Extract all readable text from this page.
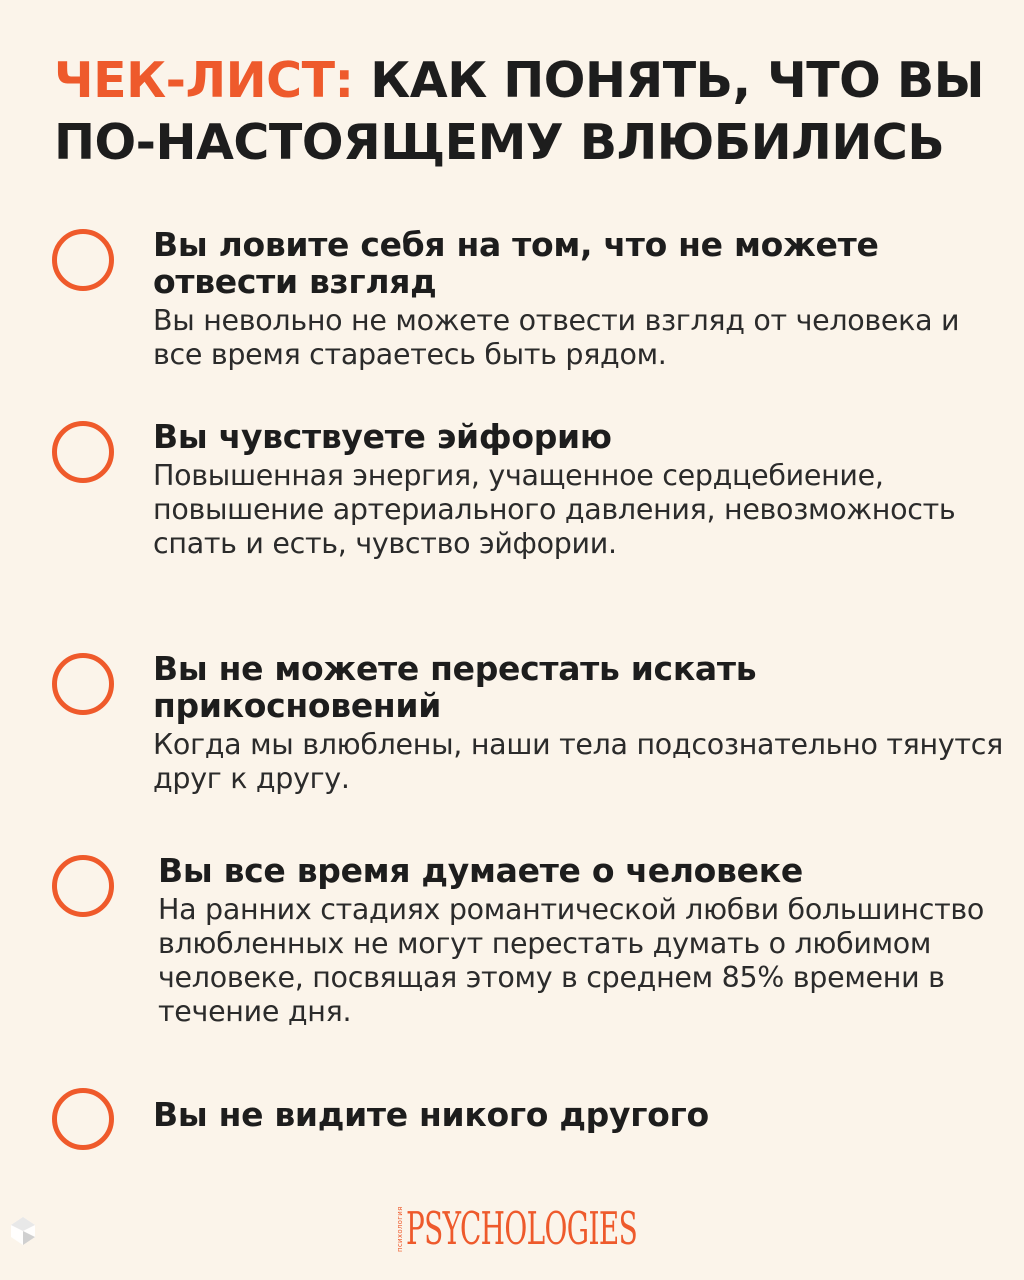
ЧЕК-ЛИСТ: КАК ПОНЯТЬ, ЧТО ВЫ ПО-НАСТОЯЩЕМУ ВЛЮБИЛИСЬ

Вы ловите себя на том, что не можете отвести взгляд

Вы невольно не можете отвести взгляд от человека и все время стараетесь быть рядом.

Вы чувствуете эйфорию

Повышенная энергия, учащенное сердцебиение, повышение артериального давления, невозможность спать и есть, чувство эйфории.

Вы не можете перестать искать прикосновений

Когда мы влюблены, наши тела подсознательно тянутся друг к другу.

Вы все время думаете о человеке

На ранних стадиях романтической любви большинство влюбленных не могут перестать думать о любимом человеке, посвящая этому в среднем 85% времени в течение дня.

Вы не видите никого другого

психология PSYCHOLOGIES
